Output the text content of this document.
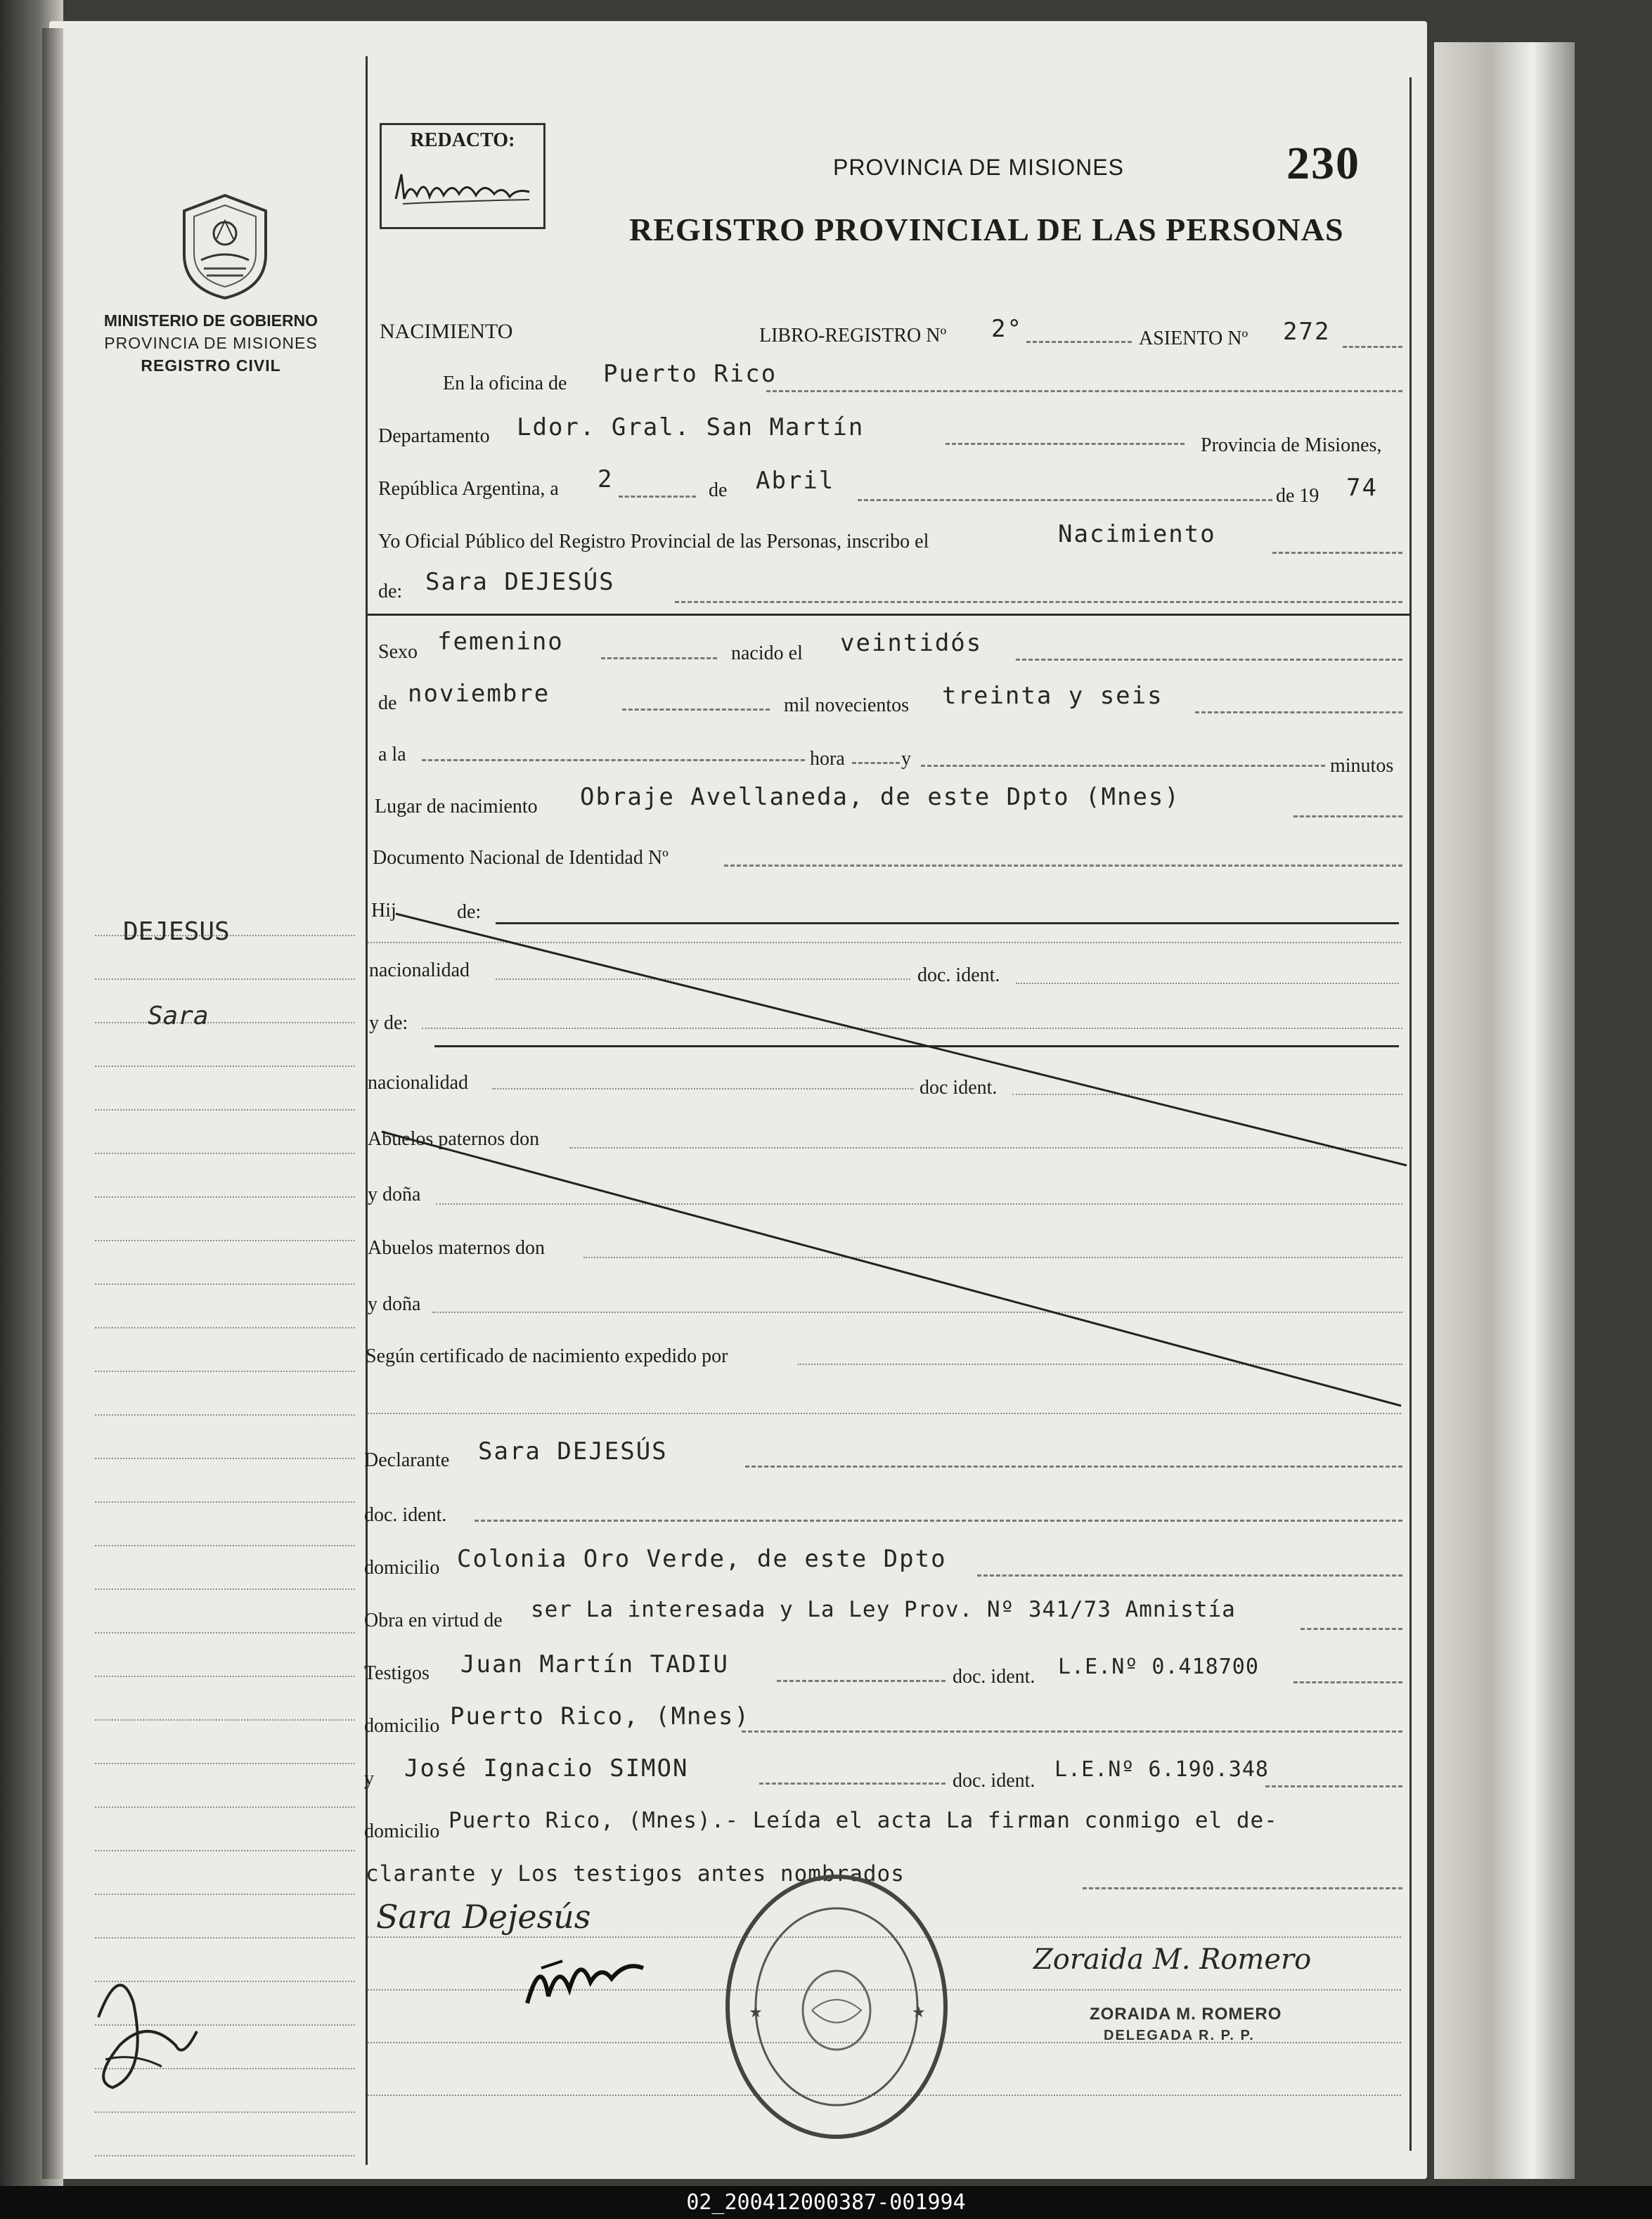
MINISTERIO DE GOBIERNO
PROVINCIA DE MISIONES
REGISTRO CIVIL
DEJESUS
Sara
REDACTO:
PROVINCIA DE MISIONES	230
REGISTRO PROVINCIAL DE LAS PERSONAS
NACIMIENTO	LIBRO-REGISTRO Nº 2°	ASIENTO Nº 272
En la oficina de Puerto Rico
Departamento Ldor. Gral. San Martín
Provincia de Misiones,
República Argentina, a 2	de Abril
de 19 74
Yo Oficial Público del Registro Provincial de las Personas, inscribo el	Nacimiento
de: Sara DEJESÚS
Sexo femenino	nacido el veintidós
de noviembre	mil novecientos treinta y seis
a la	hora	y	minutos
Lugar de nacimiento Obraje Avellaneda, de este Dpto (Mnes)
Documento Nacional de Identidad Nº
Hij	de:
nacionalidad	doc. ident.
y de:
nacionalidad	doc ident.
Abuelos paternos don
y doña
Abuelos maternos don
y doña
Según certificado de nacimiento expedido por
Declarante Sara DEJESÚS
doc. ident.
domicilio Colonia Oro Verde, de este Dpto
Obra en virtud de ser La interesada y La Ley Prov. Nº 341/73 Amnistía
Testigos Juan Martín TADIU	doc. ident. L.E.Nº 0.418700
domicilio Puerto Rico, (Mnes)
y José Ignacio SIMON	doc. ident. L.E.Nº 6.190.348
domicilio Puerto Rico, (Mnes).- Leída el acta La firman conmigo el de-
clarante y Los testigos antes nombrados
Sara Dejesús
★	★
Zoraida M. Romero
ZORAIDA M. ROMERO
DELEGADA R. P. P.
02_200412000387-001994
